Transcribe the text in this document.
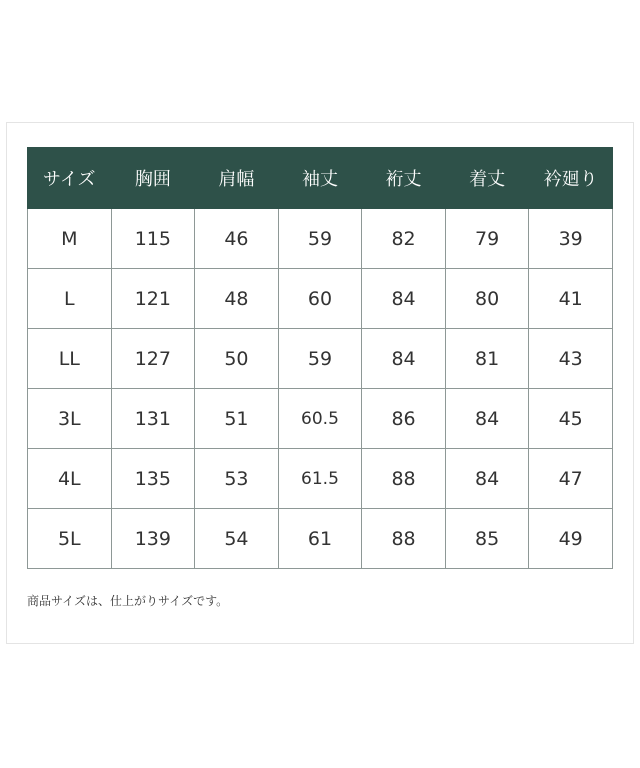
サイズ	胸囲	肩幅	袖丈	裄丈	着丈	衿廻り
M	115	46	59	82	79	39
L	121	48	60	84	80	41
LL	127	50	59	84	81	43
3L	131	51	60.5	86	84	45
4L	135	53	61.5	88	84	47
5L	139	54	61	88	85	49
商品サイズは、仕上がりサイズです。
